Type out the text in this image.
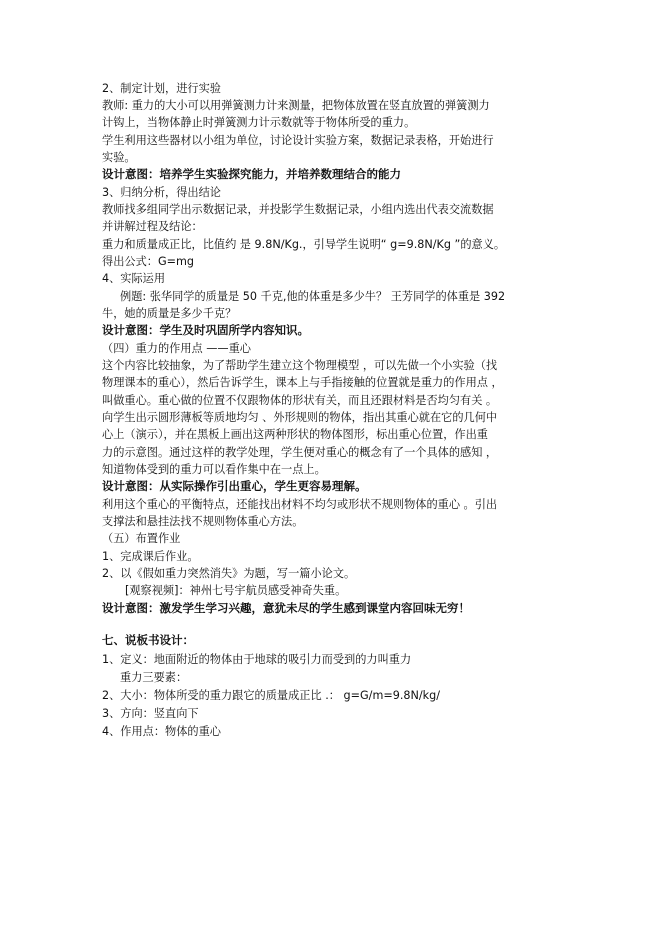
2、制定计划，进行实验
教师: 重力的大小可以用弹簧测力计来测量，把物体放置在竖直放置的弹簧测力
计钩上，当物体静止时弹簧测力计示数就等于物体所受的重力。
学生利用这些器材以小组为单位，讨论设计实验方案，数据记录表格，开始进行
实验。
设计意图：培养学生实验探究能力，并培养数理结合的能力
3、归纳分析，得出结论
教师找多组同学出示数据记录，并投影学生数据记录，小组内选出代表交流数据
并讲解过程及结论：
重力和质量成正比，比值约 是 9.8N/Kg.，引导学生说明“ g=9.8N/Kg ”的意义。
得出公式：G=mg
4、实际运用
例题: 张华同学的质量是 50 千克,他的体重是多少牛？ 王芳同学的体重是 392
牛，她的质量是多少千克？
设计意图：学生及时巩固所学内容知识。
（四）重力的作用点 ——重心
这个内容比较抽象，为了帮助学生建立这个物理模型 ，可以先做一个小实验（找
物理课本的重心），然后告诉学生，课本上与手指接触的位置就是重力的作用点 ，
叫做重心。重心做的位置不仅跟物体的形状有关，而且还跟材料是否均匀有关 。
向学生出示圆形薄板等质地均匀 、外形规则的物体，指出其重心就在它的几何中
心上（演示），并在黑板上画出这两种形状的物体图形，标出重心位置，作出重
力的示意图。通过这样的教学处理，学生便对重心的概念有了一个具体的感知 ，
知道物体受到的重力可以看作集中在一点上。
设计意图：从实际操作引出重心，学生更容易理解。
利用这个重心的平衡特点，还能找出材料不均匀或形状不规则物体的重心 。引出
支撑法和悬挂法找不规则物体重心方法。
（五）布置作业
1、完成课后作业。
2、以《假如重力突然消失》为题，写一篇小论文。
[观察视频]：神州七号宇航员感受神奇失重。
设计意图：激发学生学习兴趣，意犹未尽的学生感到课堂内容回味无穷！
七、说板书设计：
1、定义：地面附近的物体由于地球的吸引力而受到的力叫重力
重力三要素：
2、大小：物体所受的重力跟它的质量成正比 .： g=G/m=9.8N/kg/
3、方向：竖直向下
4、作用点：物体的重心
